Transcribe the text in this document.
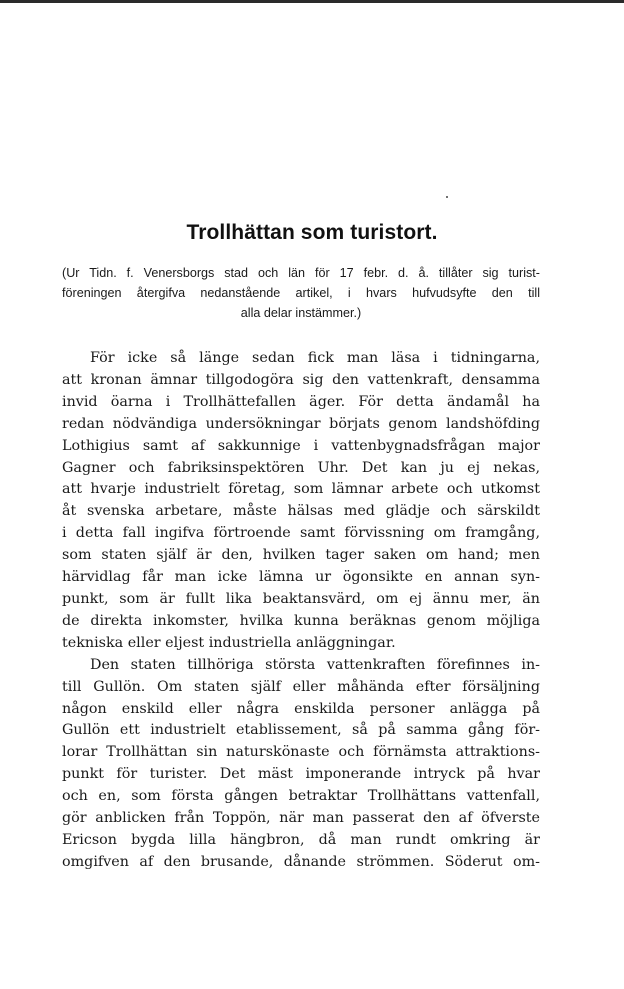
Trollhättan som turistort.
(Ur Tidn. f. Venersborgs stad och län för 17 febr. d. å. tillåter sig turist-
föreningen återgifva nedanstående artikel, i hvars hufvudsyfte den till
alla delar instämmer.)
För icke så länge sedan fick man läsa i tidningarna,
att kronan ämnar tillgodogöra sig den vattenkraft, densamma
invid öarna i Trollhättefallen äger. För detta ändamål ha
redan nödvändiga undersökningar börjats genom landshöfding
Lothigius samt af sakkunnige i vattenbygnadsfrågan major
Gagner och fabriksinspektören Uhr. Det kan ju ej nekas,
att hvarje industrielt företag, som lämnar arbete och utkomst
åt svenska arbetare, måste hälsas med glädje och särskildt
i detta fall ingifva förtroende samt förvissning om framgång,
som staten själf är den, hvilken tager saken om hand; men
härvidlag får man icke lämna ur ögonsikte en annan syn-
punkt, som är fullt lika beaktansvärd, om ej ännu mer, än
de direkta inkomster, hvilka kunna beräknas genom möjliga
tekniska eller eljest industriella anläggningar.
Den staten tillhöriga största vattenkraften förefinnes in-
till Gullön. Om staten själf eller måhända efter försäljning
någon enskild eller några enskilda personer anlägga på
Gullön ett industrielt etablissement, så på samma gång för-
lorar Trollhättan sin naturskönaste och förnämsta attraktions-
punkt för turister. Det mäst imponerande intryck på hvar
och en, som första gången betraktar Trollhättans vattenfall,
gör anblicken från Toppön, när man passerat den af öfverste
Ericson bygda lilla hängbron, då man rundt omkring är
omgifven af den brusande, dånande strömmen. Söderut om-
